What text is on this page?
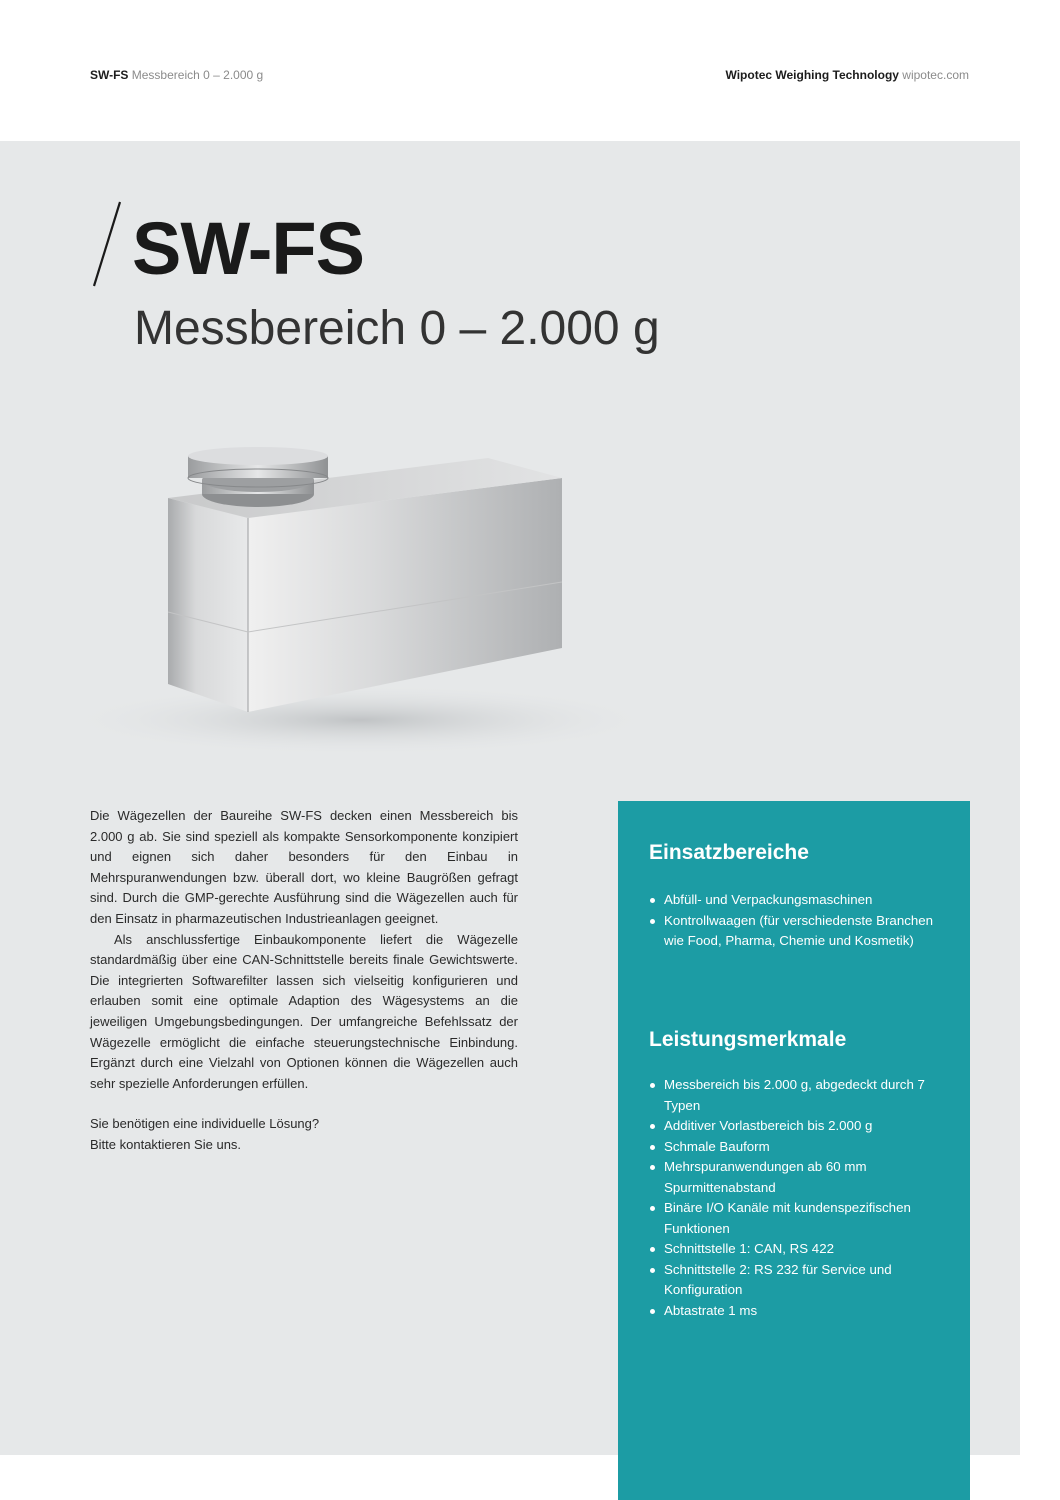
SW-FS Messbereich 0 – 2.000 g	Wipotec Weighing Technology wipotec.com
SW-FS
Messbereich 0 – 2.000 g

Die Wägezellen der Baureihe SW-FS decken einen Messbereich bis 2.000 g ab. Sie sind speziell als kompakte Sensorkomponente konzipiert und eignen sich daher besonders für den Einbau in Mehrspuranwendungen bzw. überall dort, wo kleine Baugrößen gefragt sind. Durch die GMP-gerechte Ausführung sind die Wägezellen auch für den Einsatz in pharmazeutischen Industrieanlagen geeignet.

Als anschlussfertige Einbaukomponente liefert die Wägezelle standardmäßig über eine CAN-Schnittstelle bereits finale Gewichtswerte. Die integrierten Softwarefilter lassen sich vielseitig konfigurieren und erlauben somit eine optimale Adaption des Wägesystems an die jeweiligen Umgebungsbedingungen. Der umfangreiche Befehlssatz der Wägezelle ermöglicht die einfache steuerungstechnische Einbindung. Ergänzt durch eine Vielzahl von Optionen können die Wägezellen auch sehr spezielle Anforderungen erfüllen.

Sie benötigen eine individuelle Lösung?
Bitte kontaktieren Sie uns.

Einsatzbereiche
Abfüll- und Verpackungsmaschinen
Kontrollwaagen (für verschiedenste Branchen wie Food, Pharma, Chemie und Kosmetik)
Leistungsmerkmale
Messbereich bis 2.000 g, abgedeckt durch 7 Typen
Additiver Vorlastbereich bis 2.000 g
Schmale Bauform
Mehrspuranwendungen ab 60 mm Spurmittenabstand
Binäre I/O Kanäle mit kundenspezifischen Funktionen
Schnittstelle 1: CAN, RS 422
Schnittstelle 2: RS 232 für Service und Konfiguration
Abtastrate 1 ms
